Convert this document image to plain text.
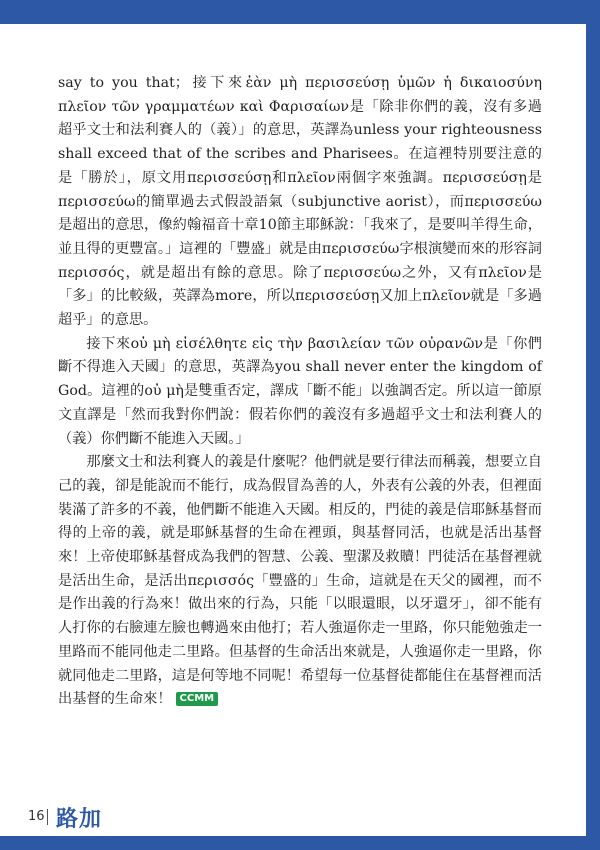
say to you that；接下來ἐὰν μὴ περισσεύσῃ ὑμῶν ἡ δικαιοσύνη πλεῖον τῶν γραμματέων καὶ Φαρισαίων是「除非你們的義，沒有多過超乎文士和法利賽人的（義）」的意思，英譯為unless your righteousness shall exceed that of the scribes and Pharisees。在這裡特別要注意的是「勝於」，原文用περισσεύσῃ和πλεῖον兩個字來強調。περισσεύσῃ是περισσεύω的簡單過去式假設語氣（subjunctive aorist），而περισσεύω是超出的意思，像約翰福音十章10節主耶穌說：「我來了，是要叫羊得生命，並且得的更豐富。」這裡的「豐盛」就是由περισσεύω字根演變而來的形容詞περισσός，就是超出有餘的意思。除了περισσεύω之外，又有πλεῖον是「多」的比較級，英譯為more，所以περισσεύσῃ又加上πλεῖον就是「多過超乎」的意思。

接下來οὐ μὴ εἰσέλθητε εἰς τὴν βασιλείαν τῶν οὐρανῶν是「你們斷不得進入天國」的意思，英譯為you shall never enter the kingdom of God。這裡的οὐ μὴ是雙重否定，譯成「斷不能」以強調否定。所以這一節原文直譯是「然而我對你們說：假若你們的義沒有多過超乎文士和法利賽人的（義）你們斷不能進入天國。」

那麼文士和法利賽人的義是什麼呢？他們就是要行律法而稱義，想要立自己的義，卻是能說而不能行，成為假冒為善的人，外表有公義的外表，但裡面裝滿了許多的不義，他們斷不能進入天國。相反的，門徒的義是信耶穌基督而得的上帝的義，就是耶穌基督的生命在裡頭，與基督同活，也就是活出基督來！上帝使耶穌基督成為我們的智慧、公義、聖潔及救贖！門徒活在基督裡就是活出生命，是活出περισσός「豐盛的」生命，這就是在天父的國裡，而不是作出義的行為來！做出來的行為，只能「以眼還眼，以牙還牙」，卻不能有人打你的右臉連左臉也轉過來由他打；若人強逼你走一里路，你只能勉強走一里路而不能同他走二里路。但基督的生命活出來就是，人強逼你走一里路，你就同他走二里路，這是何等地不同呢！希望每一位基督徒都能住在基督裡而活出基督的生命來！ CCMM

16 路加
